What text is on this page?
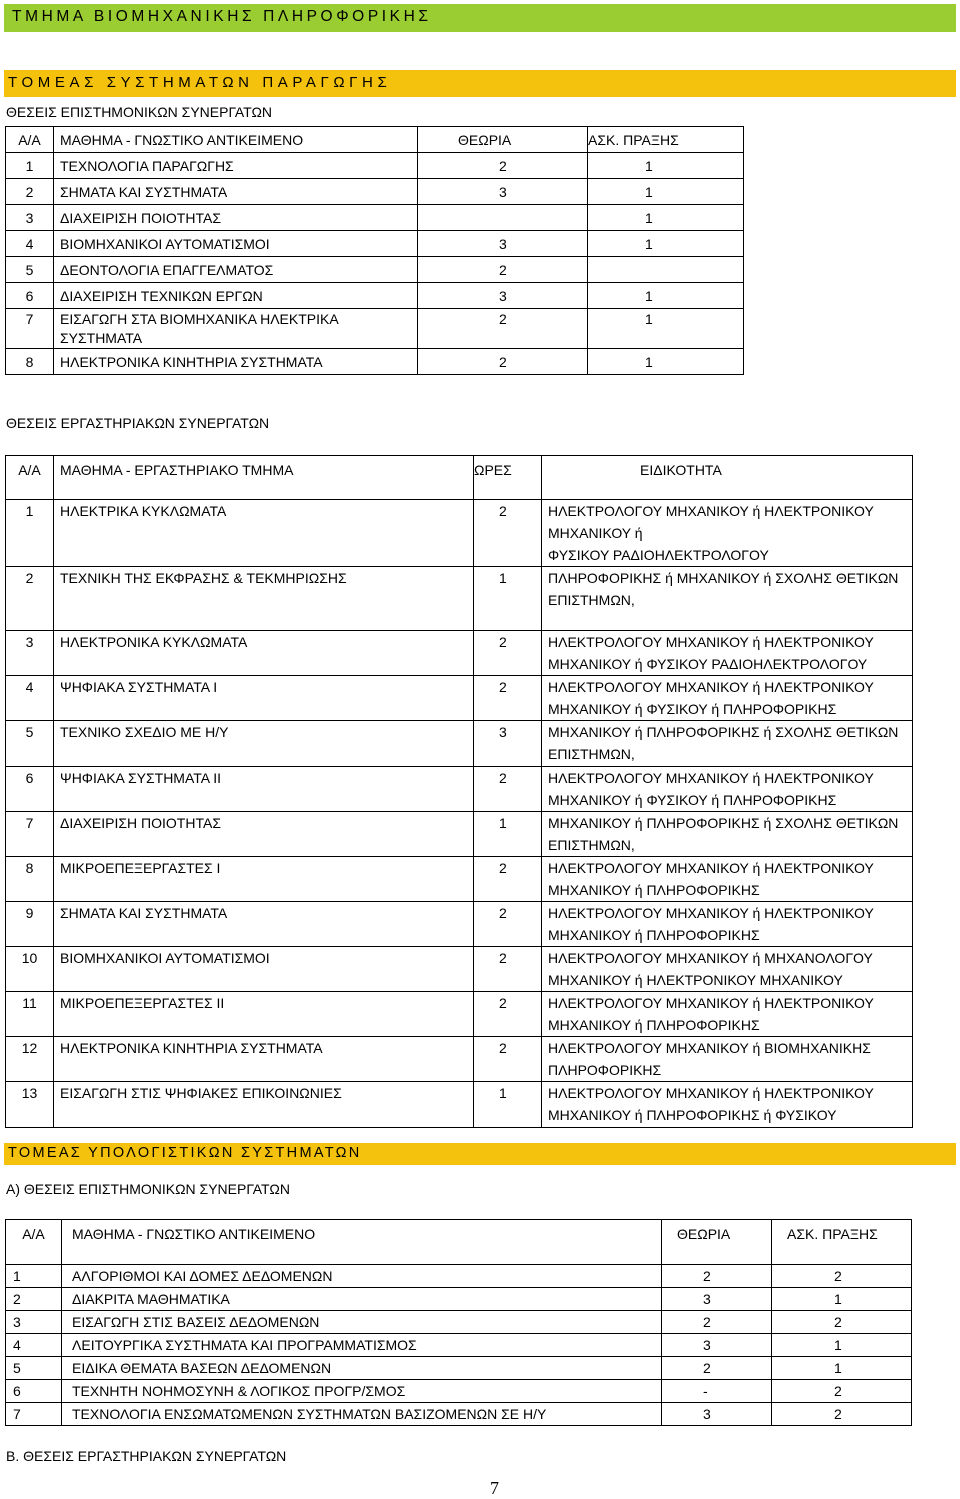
ΤΜΗΜΑ ΒΙΟΜΗΧΑΝΙΚΗΣ ΠΛΗΡΟΦΟΡΙΚΗΣ
ΤΟΜΕΑΣ ΣΥΣΤΗΜΑΤΩΝ ΠΑΡΑΓΩΓΗΣ
ΘΕΣΕΙΣ ΕΠΙΣΤΗΜΟΝΙΚΩΝ ΣΥΝΕΡΓΑΤΩΝ
Α/Α	ΜΑΘΗΜΑ - ΓΝΩΣΤΙΚΟ ΑΝΤΙΚΕΙΜΕΝΟ	ΘΕΩΡΙΑ	ΑΣΚ. ΠΡΑΞΗΣ
1	ΤΕΧΝΟΛΟΓΙΑ ΠΑΡΑΓΩΓΗΣ	2	1
2	ΣΗΜΑΤΑ ΚΑΙ ΣΥΣΤΗΜΑΤΑ	3	1
3	ΔΙΑΧΕΙΡΙΣΗ ΠΟΙΟΤΗΤΑΣ		1
4	ΒΙΟΜΗΧΑΝΙΚΟΙ ΑΥΤΟΜΑΤΙΣΜΟΙ	3	1
5	ΔΕΟΝΤΟΛΟΓΙΑ ΕΠΑΓΓΕΛΜΑΤΟΣ	2	
6	ΔΙΑΧΕΙΡΙΣΗ ΤΕΧΝΙΚΩΝ ΕΡΓΩΝ	3	1
7	ΕΙΣΑΓΩΓΗ ΣΤΑ ΒΙΟΜΗΧΑΝΙΚΑ ΗΛΕΚΤΡΙΚΑ ΣΥΣΤΗΜΑΤΑ	2	1
8	ΗΛΕΚΤΡΟΝΙΚΑ ΚΙΝΗΤΗΡΙΑ ΣΥΣΤΗΜΑΤΑ	2	1
ΘΕΣΕΙΣ ΕΡΓΑΣΤΗΡΙΑΚΩΝ ΣΥΝΕΡΓΑΤΩΝ
Α/Α	ΜΑΘΗΜΑ - ΕΡΓΑΣΤΗΡΙΑΚΟ ΤΜΗΜΑ	ΩΡΕΣ	ΕΙΔΙΚΟΤΗΤΑ
1	ΗΛΕΚΤΡΙΚΑ ΚΥΚΛΩΜΑΤΑ	2	ΗΛΕΚΤΡΟΛΟΓΟΥ ΜΗΧΑΝΙΚΟΥ ή ΗΛΕΚΤΡΟΝΙΚΟΥ ΜΗΧΑΝΙΚΟΥ ή
ΦΥΣΙΚΟΥ ΡΑΔΙΟΗΛΕΚΤΡΟΛΟΓΟΥ
2	ΤΕΧΝΙΚΗ ΤΗΣ ΕΚΦΡΑΣΗΣ & ΤΕΚΜΗΡΙΩΣΗΣ	1	ΠΛΗΡΟΦΟΡΙΚΗΣ ή ΜΗΧΑΝΙΚΟΥ ή ΣΧΟΛΗΣ ΘΕΤΙΚΩΝ ΕΠΙΣΤΗΜΩΝ,
3	ΗΛΕΚΤΡΟΝΙΚΑ ΚΥΚΛΩΜΑΤΑ	2	ΗΛΕΚΤΡΟΛΟΓΟΥ ΜΗΧΑΝΙΚΟΥ ή ΗΛΕΚΤΡΟΝΙΚΟΥ ΜΗΧΑΝΙΚΟΥ ή ΦΥΣΙΚΟΥ ΡΑΔΙΟΗΛΕΚΤΡΟΛΟΓΟΥ
4	ΨΗΦΙΑΚΑ ΣΥΣΤΗΜΑΤΑ Ι	2	ΗΛΕΚΤΡΟΛΟΓΟΥ ΜΗΧΑΝΙΚΟΥ ή ΗΛΕΚΤΡΟΝΙΚΟΥ ΜΗΧΑΝΙΚΟΥ ή ΦΥΣΙΚΟΥ ή ΠΛΗΡΟΦΟΡΙΚΗΣ
5	ΤΕΧΝΙΚΟ ΣΧΕΔΙΟ ΜΕ Η/Υ	3	ΜΗΧΑΝΙΚΟΥ ή ΠΛΗΡΟΦΟΡΙΚΗΣ ή ΣΧΟΛΗΣ ΘΕΤΙΚΩΝ ΕΠΙΣΤΗΜΩΝ,
6	ΨΗΦΙΑΚΑ ΣΥΣΤΗΜΑΤΑ ΙΙ	2	ΗΛΕΚΤΡΟΛΟΓΟΥ ΜΗΧΑΝΙΚΟΥ ή ΗΛΕΚΤΡΟΝΙΚΟΥ ΜΗΧΑΝΙΚΟΥ ή ΦΥΣΙΚΟΥ ή ΠΛΗΡΟΦΟΡΙΚΗΣ
7	ΔΙΑΧΕΙΡΙΣΗ ΠΟΙΟΤΗΤΑΣ	1	ΜΗΧΑΝΙΚΟΥ ή ΠΛΗΡΟΦΟΡΙΚΗΣ ή ΣΧΟΛΗΣ ΘΕΤΙΚΩΝ ΕΠΙΣΤΗΜΩΝ,
8	ΜΙΚΡΟΕΠΕΞΕΡΓΑΣΤΕΣ Ι	2	ΗΛΕΚΤΡΟΛΟΓΟΥ ΜΗΧΑΝΙΚΟΥ ή ΗΛΕΚΤΡΟΝΙΚΟΥ ΜΗΧΑΝΙΚΟΥ ή ΠΛΗΡΟΦΟΡΙΚΗΣ
9	ΣΗΜΑΤΑ ΚΑΙ ΣΥΣΤΗΜΑΤΑ	2	ΗΛΕΚΤΡΟΛΟΓΟΥ ΜΗΧΑΝΙΚΟΥ ή ΗΛΕΚΤΡΟΝΙΚΟΥ ΜΗΧΑΝΙΚΟΥ ή ΠΛΗΡΟΦΟΡΙΚΗΣ
10	ΒΙΟΜΗΧΑΝΙΚΟΙ ΑΥΤΟΜΑΤΙΣΜΟΙ	2	ΗΛΕΚΤΡΟΛΟΓΟΥ ΜΗΧΑΝΙΚΟΥ ή ΜΗΧΑΝΟΛΟΓΟΥ ΜΗΧΑΝΙΚΟΥ ή ΗΛΕΚΤΡΟΝΙΚΟΥ ΜΗΧΑΝΙΚΟΥ
11	ΜΙΚΡΟΕΠΕΞΕΡΓΑΣΤΕΣ ΙΙ	2	ΗΛΕΚΤΡΟΛΟΓΟΥ ΜΗΧΑΝΙΚΟΥ ή ΗΛΕΚΤΡΟΝΙΚΟΥ ΜΗΧΑΝΙΚΟΥ ή ΠΛΗΡΟΦΟΡΙΚΗΣ
12	ΗΛΕΚΤΡΟΝΙΚΑ ΚΙΝΗΤΗΡΙΑ ΣΥΣΤΗΜΑΤΑ	2	ΗΛΕΚΤΡΟΛΟΓΟΥ ΜΗΧΑΝΙΚΟΥ ή ΒΙΟΜΗΧΑΝΙΚΗΣ ΠΛΗΡΟΦΟΡΙΚΗΣ
13	ΕΙΣΑΓΩΓΗ ΣΤΙΣ ΨΗΦΙΑΚΕΣ ΕΠΙΚΟΙΝΩΝΙΕΣ	1	ΗΛΕΚΤΡΟΛΟΓΟΥ ΜΗΧΑΝΙΚΟΥ ή ΗΛΕΚΤΡΟΝΙΚΟΥ ΜΗΧΑΝΙΚΟΥ ή ΠΛΗΡΟΦΟΡΙΚΗΣ ή ΦΥΣΙΚΟΥ
ΤΟΜΕΑΣ ΥΠΟΛΟΓΙΣΤΙΚΩΝ ΣΥΣΤΗΜΑΤΩΝ
Α) ΘΕΣΕΙΣ ΕΠΙΣΤΗΜΟΝΙΚΩΝ ΣΥΝΕΡΓΑΤΩΝ
Α/Α	ΜΑΘΗΜΑ - ΓΝΩΣΤΙΚΟ ΑΝΤΙΚΕΙΜΕΝΟ	ΘΕΩΡΙΑ	ΑΣΚ. ΠΡΑΞΗΣ
1	ΑΛΓΟΡΙΘΜΟΙ ΚΑΙ ΔΟΜΕΣ ΔΕΔΟΜΕΝΩΝ	2	2
2	ΔΙΑΚΡΙΤΑ ΜΑΘΗΜΑΤΙΚΑ	3	1
3	ΕΙΣΑΓΩΓΗ ΣΤΙΣ ΒΑΣΕΙΣ ΔΕΔΟΜΕΝΩΝ	2	2
4	ΛΕΙΤΟΥΡΓΙΚΑ ΣΥΣΤΗΜΑΤΑ ΚΑΙ ΠΡΟΓΡΑΜΜΑΤΙΣΜΟΣ	3	1
5	ΕΙΔΙΚΑ ΘΕΜΑΤΑ ΒΑΣΕΩΝ ΔΕΔΟΜΕΝΩΝ	2	1
6	ΤΕΧΝΗΤΗ ΝΟΗΜΟΣΥΝΗ & ΛΟΓΙΚΟΣ ΠΡΟΓΡ/ΣΜΟΣ	-	2
7	ΤΕΧΝΟΛΟΓΙΑ ΕΝΣΩΜΑΤΩΜΕΝΩΝ ΣΥΣΤΗΜΑΤΩΝ ΒΑΣΙΖΟΜΕΝΩΝ ΣΕ Η/Υ	3	2
Β. ΘΕΣΕΙΣ ΕΡΓΑΣΤΗΡΙΑΚΩΝ ΣΥΝΕΡΓΑΤΩΝ
7
